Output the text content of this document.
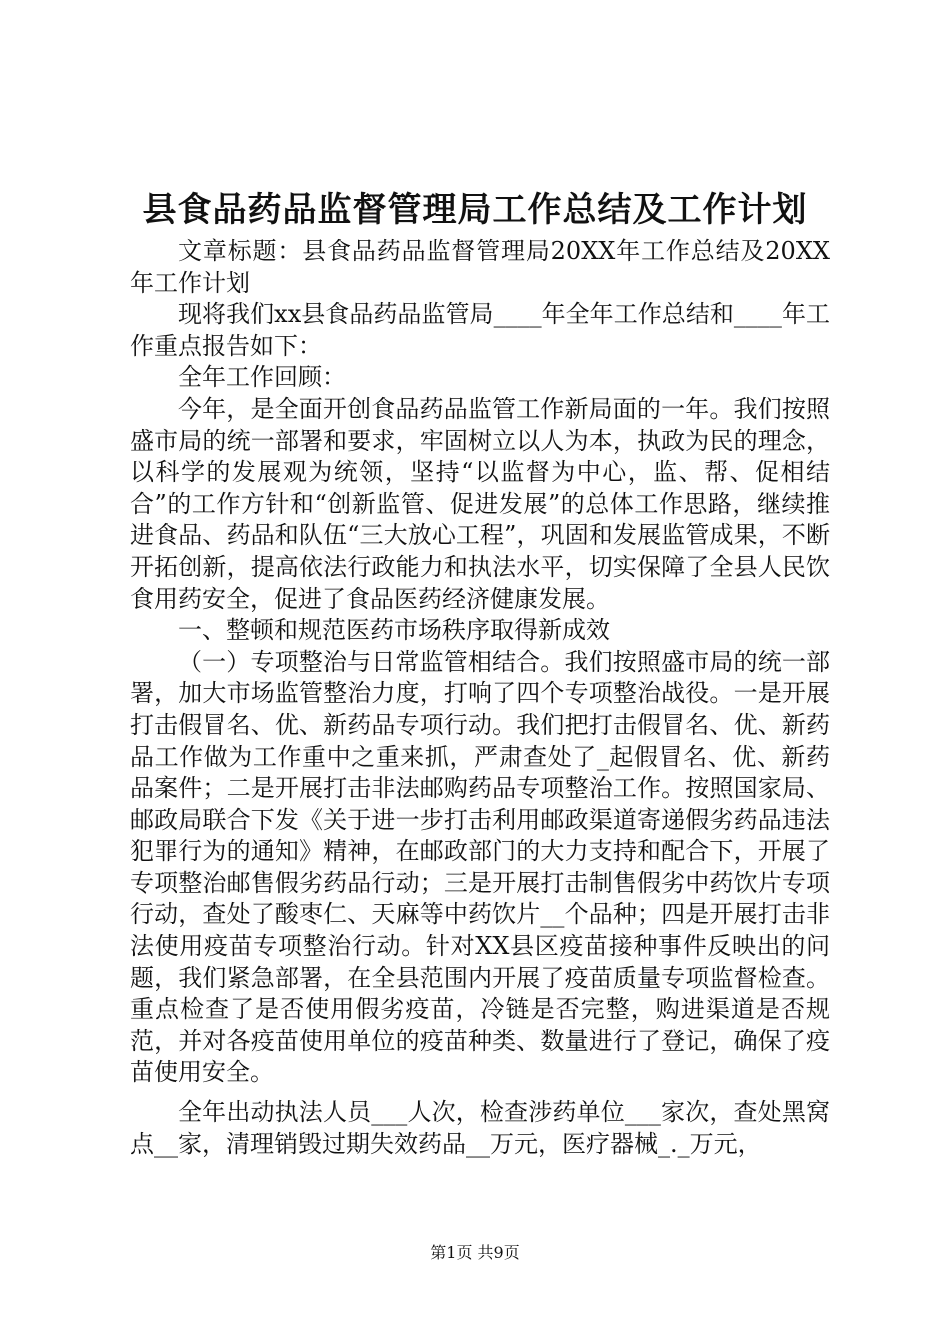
县食品药品监督管理局工作总结及工作计划

文章标题：县食品药品监督管理局20XX年工作总结及20XX年工作计划

现将我们xx县食品药品监管局____年全年工作总结和____年工作重点报告如下：

全年工作回顾：

今年，是全面开创食品药品监管工作新局面的一年。我们按照盛市局的统一部署和要求，牢固树立以人为本，执政为民的理念，以科学的发展观为统领，坚持“以监督为中心，监、帮、促相结合”的工作方针和“创新监管、促进发展”的总体工作思路，继续推进食品、药品和队伍“三大放心工程”，巩固和发展监管成果，不断开拓创新，提高依法行政能力和执法水平，切实保障了全县人民饮食用药安全，促进了食品医药经济健康发展。

一、整顿和规范医药市场秩序取得新成效

（一）专项整治与日常监管相结合。我们按照盛市局的统一部署，加大市场监管整治力度，打响了四个专项整治战役。一是开展打击假冒名、优、新药品专项行动。我们把打击假冒名、优、新药品工作做为工作重中之重来抓，严肃查处了_起假冒名、优、新药品案件；二是开展打击非法邮购药品专项整治工作。按照国家局、邮政局联合下发《关于进一步打击利用邮政渠道寄递假劣药品违法犯罪行为的通知》精神，在邮政部门的大力支持和配合下，开展了专项整治邮售假劣药品行动；三是开展打击制售假劣中药饮片专项行动，查处了酸枣仁、天麻等中药饮片__个品种；四是开展打击非法使用疫苗专项整治行动。针对XX县区疫苗接种事件反映出的问题，我们紧急部署，在全县范围内开展了疫苗质量专项监督检查。重点检查了是否使用假劣疫苗，冷链是否完整，购进渠道是否规范，并对各疫苗使用单位的疫苗种类、数量进行了登记，确保了疫苗使用安全。

全年出动执法人员___人次，检查涉药单位___家次，查处黑窝点__家，清理销毁过期失效药品__万元，医疗器械_._万元，

第1页 共9页
